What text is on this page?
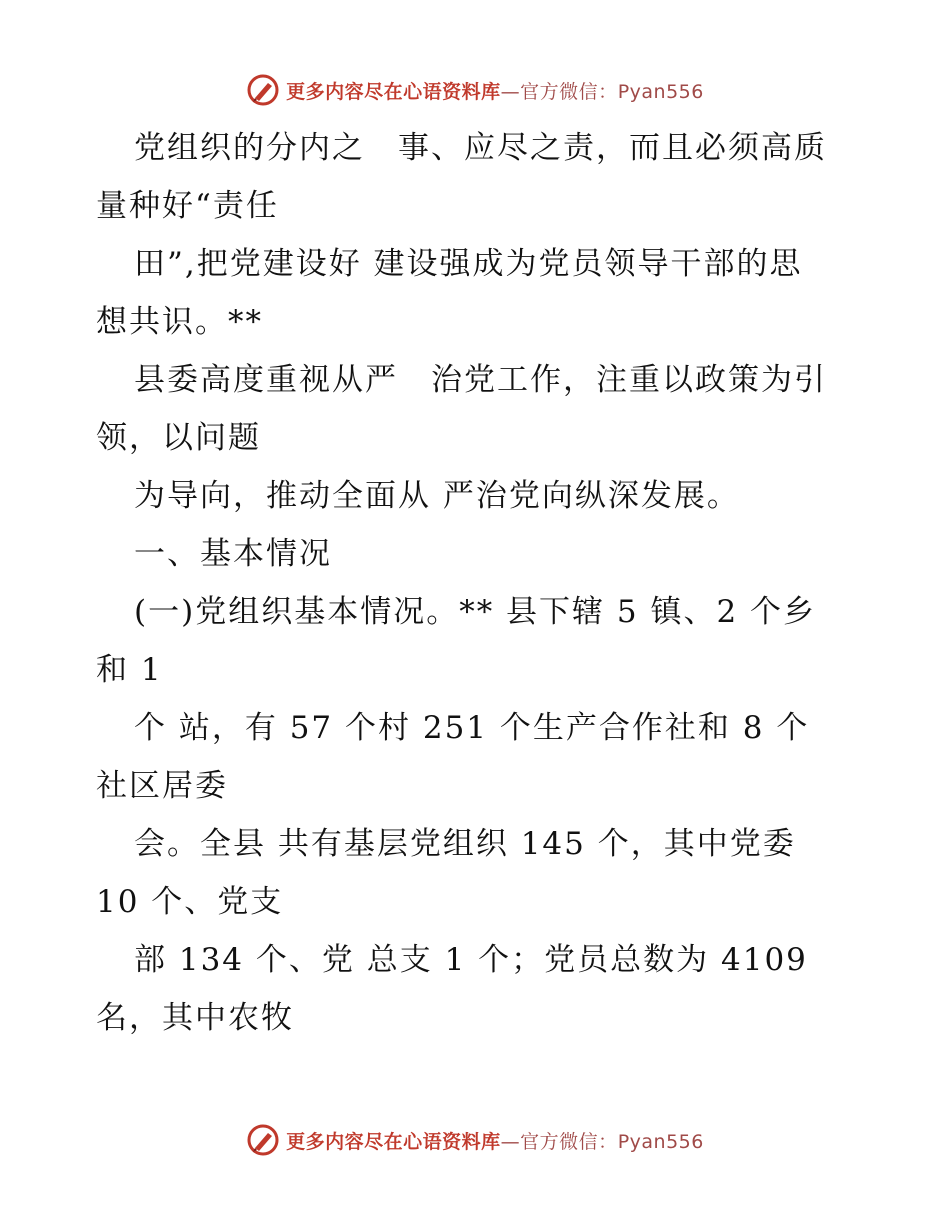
更多内容尽在心语资料库—官方微信：Pyan556
党组织的分内之　事、应尽之责，而且必须高质
量种好“责任
田”,把党建设好 建设强成为党员领导干部的思
想共识。**
县委高度重视从严　治党工作，注重以政策为引
领，以问题
为导向，推动全面从 严治党向纵深发展。
一、基本情况
(一)党组织基本情况。** 县下辖 5 镇、2 个乡
和 1
个 站，有 57 个村 251 个生产合作社和 8 个
社区居委
会。全县 共有基层党组织 145 个，其中党委
10 个、党支
部 134 个、党 总支 1 个；党员总数为 4109
名，其中农牧
更多内容尽在心语资料库—官方微信：Pyan556
